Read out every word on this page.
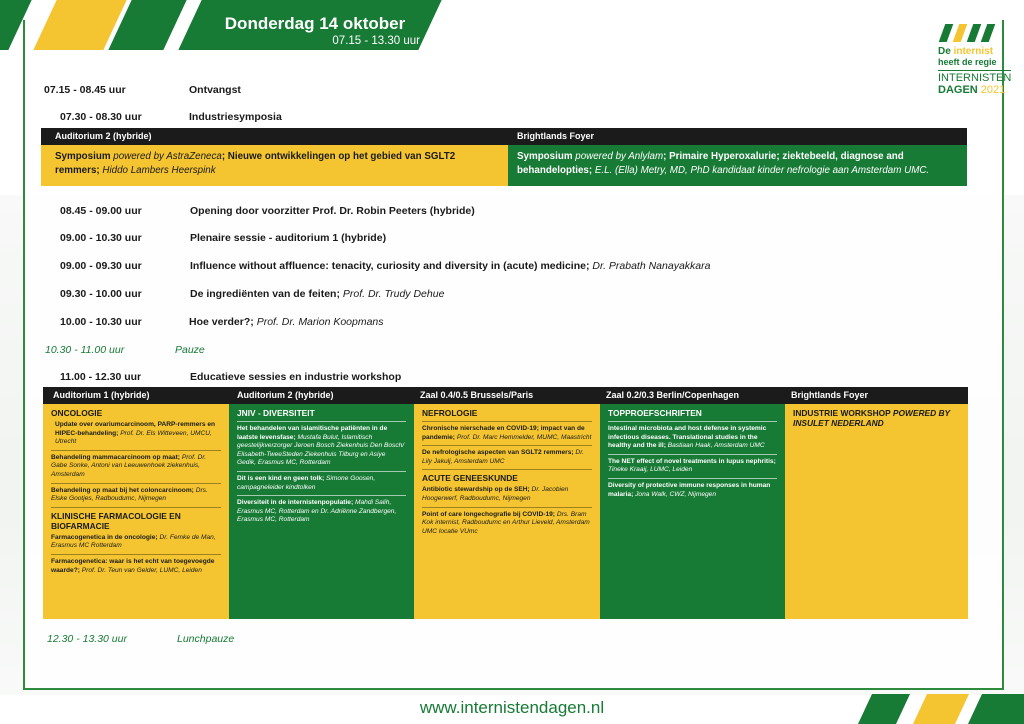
Donderdag 14 oktober
07.15 - 13.30 uur
De internist
heeft de regie
INTERNISTEN
DAGEN 2021
07.15 - 08.45 uur	Ontvangst
07.30 - 08.30 uur	Industriesymposia
Auditorium 2 (hybride)	Brightlands Foyer
Symposium powered by AstraZeneca; Nieuwe ontwikkelingen op het gebied van SGLT2 remmers; Hiddo Lambers Heerspink
Symposium powered by Anlylam; Primaire Hyperoxalurie; ziektebeeld, diagnose and behandelopties; E.L. (Ella) Metry, MD, PhD kandidaat kinder nefrologie aan Amsterdam UMC.
08.45 - 09.00 uur	Opening door voorzitter Prof. Dr. Robin Peeters (hybride)
09.00 - 10.30 uur	Plenaire sessie - auditorium 1 (hybride)
09.00 - 09.30 uur	Influence without affluence: tenacity, curiosity and diversity in (acute) medicine; Dr. Prabath Nanayakkara
09.30 - 10.00 uur	De ingrediënten van de feiten; Prof. Dr. Trudy Dehue
10.00 - 10.30 uur	Hoe verder?; Prof. Dr. Marion Koopmans
10.30 - 11.00 uur	Pauze
11.00 - 12.30 uur	Educatieve sessies en industrie workshop
Auditorium 1 (hybride)	Auditorium 2 (hybride)	Zaal 0.4/0.5 Brussels/Paris	Zaal 0.2/0.3 Berlin/Copenhagen	Brightlands Foyer
ONCOLOGIE
Update over ovariumcarcinoom, PARP-remmers en HIPEC-behandeling; Prof. Dr. Els Witteveen, UMCU, Utrecht
Behandeling mammacarcinoom op maat; Prof. Dr. Gabe Sonke, Antoni van Leeuwenhoek ziekenhuis, Amsterdam
Behandeling op maat bij het coloncarcinoom; Drs. Elske Gootjes, Radboudumc, Nijmegen
KLINISCHE FARMACOLOGIE EN BIOFARMACIE
Farmacogenetica in de oncologie; Dr. Femke de Man, Erasmus MC Rotterdam
Farmacogenetica: waar is het echt van toegevoegde waarde?; Prof. Dr. Teun van Gelder, LUMC, Leiden
JNIV - DIVERSITEIT
Het behandelen van islamitische patiënten in de laatste levensfase; Mustafa Bulut, Islamitisch geestelijkverzorger Jeroen Bosch Ziekenhuis Den Bosch/ Elisabeth-TweeSteden Ziekenhuis Tilburg en Asiye Gedik, Erasmus MC, Rotterdam
Dit is een kind en geen tolk; Simone Goosen, campagneleider kindtolken
Diversiteit in de internistenpopulatie; Mahdi Salih, Erasmus MC, Rotterdam en Dr. Adriënne Zandbergen, Erasmus MC, Rotterdam
NEFROLOGIE
Chronische nierschade en COVID-19; impact van de pandemie; Prof. Dr. Marc Hemmelder, MUMC, Maastricht
De nefrologische aspecten van SGLT2 remmers; Dr. Lily Jakulj, Amsterdam UMC
ACUTE GENEESKUNDE
Antibiotic stewardship op de SEH; Dr. Jacobien Hoogerwerf, Radboudumc, Nijmegen
Point of care longechografie bij COVID-19; Drs. Bram Kok internist, Radboudumc en Arthur Lieveld, Amsterdam UMC locatie VUmc
TOPPROEFSCHRIFTEN
Intestinal microbiota and host defense in systemic infectious diseases. Translational studies in the healthy and the ill; Bastiaan Haak, Amsterdam UMC
The NET effect of novel treatments in lupus nephritis; Tineke Kraaij, LUMC, Leiden
Diversity of protective immune responses in human malaria; Jona Walk, CWZ, Nijmegen
INDUSTRIE WORKSHOP POWERED BY INSULET NEDERLAND
12.30 - 13.30 uur	Lunchpauze
www.internistendagen.nl
